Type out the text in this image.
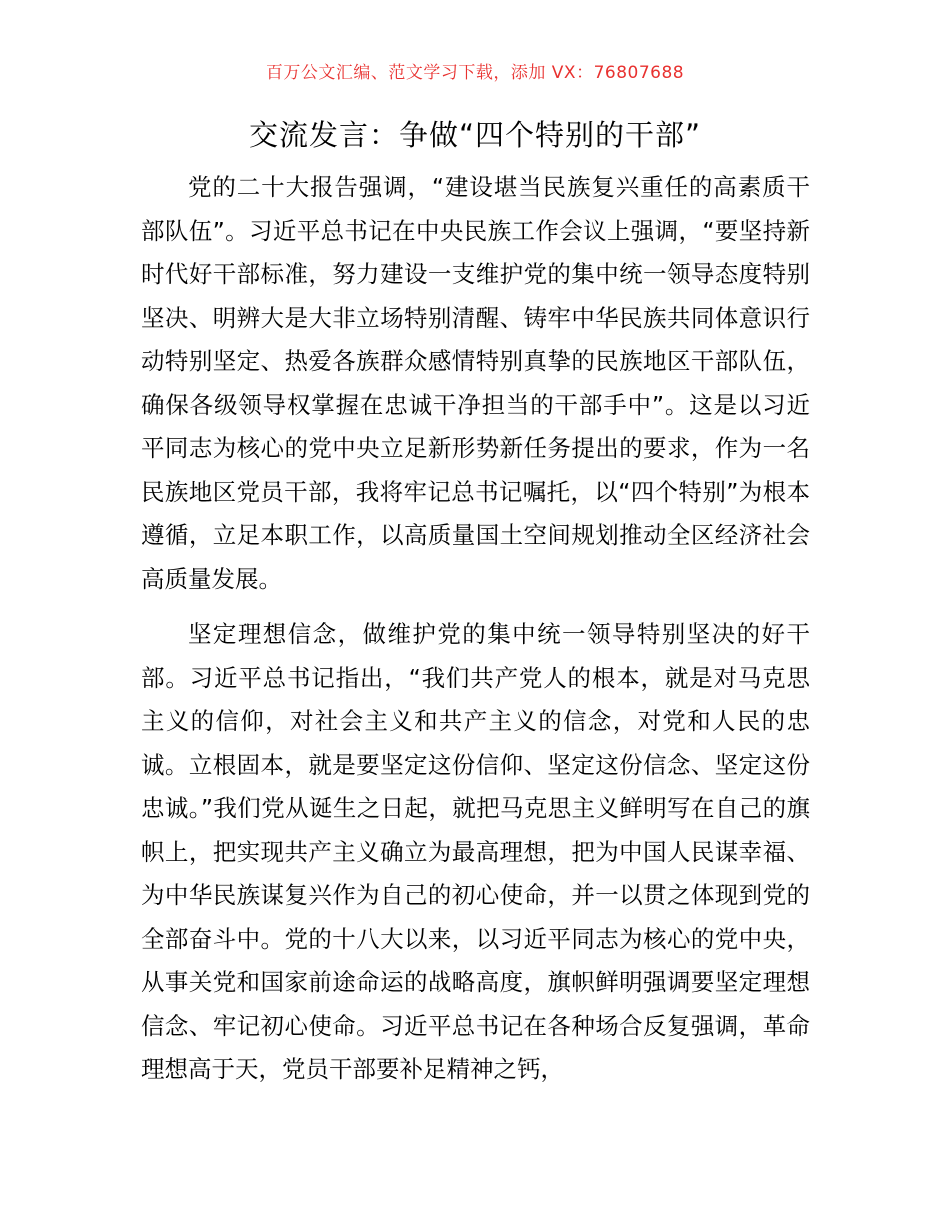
百万公文汇编、范文学习下载，添加 VX：76807688
交流发言：争做“四个特别的干部”

党的二十大报告强调，“建设堪当民族复兴重任的高素质干部队伍”。习近平总书记在中央民族工作会议上强调，“要坚持新时代好干部标准，努力建设一支维护党的集中统一领导态度特别坚决、明辨大是大非立场特别清醒、铸牢中华民族共同体意识行动特别坚定、热爱各族群众感情特别真挚的民族地区干部队伍，确保各级领导权掌握在忠诚干净担当的干部手中”。这是以习近平同志为核心的党中央立足新形势新任务提出的要求，作为一名民族地区党员干部，我将牢记总书记嘱托，以“四个特别”为根本遵循，立足本职工作，以高质量国土空间规划推动全区经济社会高质量发展。

坚定理想信念，做维护党的集中统一领导特别坚决的好干部。习近平总书记指出，“我们共产党人的根本，就是对马克思主义的信仰，对社会主义和共产主义的信念，对党和人民的忠诚。立根固本，就是要坚定这份信仰、坚定这份信念、坚定这份忠诚。”我们党从诞生之日起，就把马克思主义鲜明写在自己的旗帜上，把实现共产主义确立为最高理想，把为中国人民谋幸福、为中华民族谋复兴作为自己的初心使命，并一以贯之体现到党的全部奋斗中。党的十八大以来，以习近平同志为核心的党中央，从事关党和国家前途命运的战略高度，旗帜鲜明强调要坚定理想信念、牢记初心使命。习近平总书记在各种场合反复强调，革命理想高于天，党员干部要补足精神之钙，
